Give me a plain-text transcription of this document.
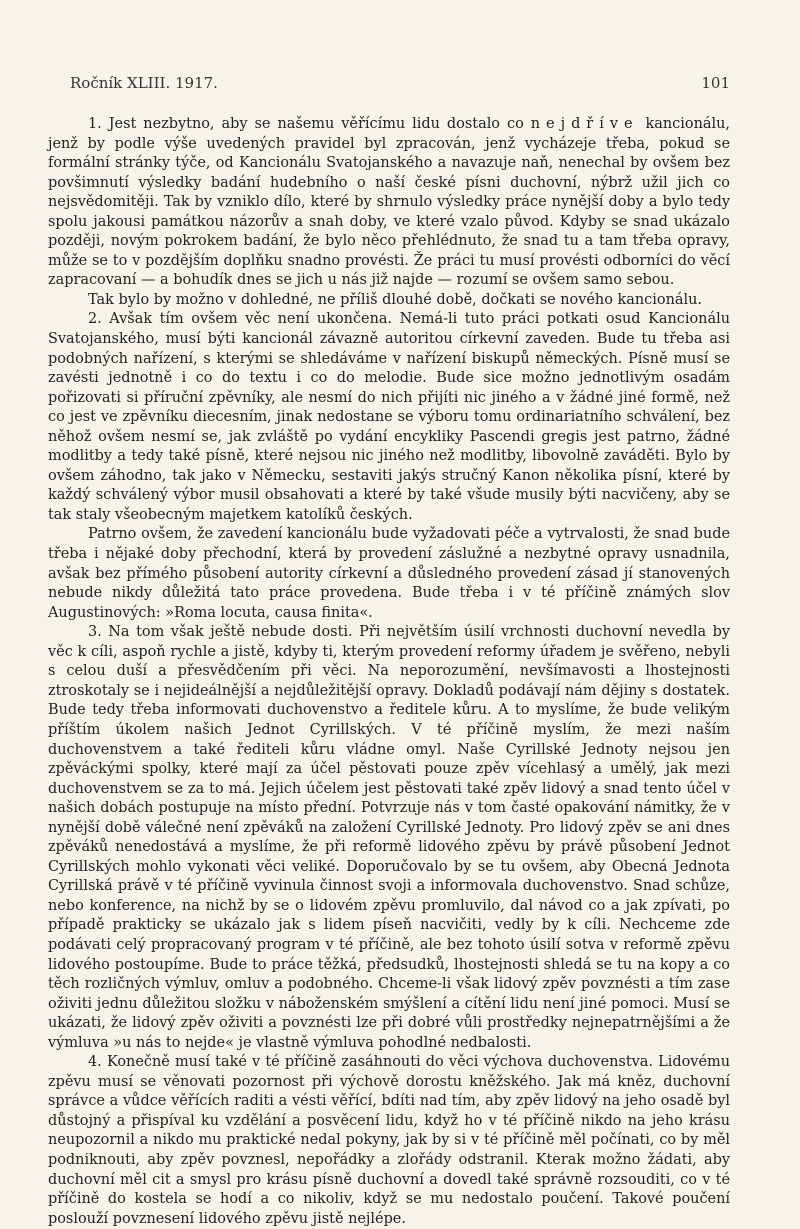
Ročník XLIII. 1917.	101

1. Jest nezbytno, aby se našemu věřícímu lidu dostalo co nejdříve kancionálu, jenž by podle výše uvedených pravidel byl zpracován, jenž vycházeje třeba, pokud se formální stránky týče, od Kancionálu Svatojanského a navazuje naň, nenechal by ovšem bez povšimnutí výsledky badání hudebního o naší české písni duchovní, nýbrž užil jich co nejsvědomitěji. Tak by vzniklo dílo, které by shrnulo výsledky práce nynější doby a bylo tedy spolu jakousi památkou názorův a snah doby, ve které vzalo původ. Kdyby se snad ukázalo později, novým pokrokem badání, že bylo něco přehlédnuto, že snad tu a tam třeba opravy, může se to v pozdějším doplňku snadno provésti. Že práci tu musí provésti odborníci do věcí zapracovaní — a bohudík dnes se jich u nás již najde — rozumí se ovšem samo sebou.

Tak bylo by možno v dohledné, ne příliš dlouhé době, dočkati se nového kancionálu.

2. Avšak tím ovšem věc není ukončena. Nemá-li tuto práci potkati osud Kancionálu Svatojanského, musí býti kancionál závazně autoritou církevní zaveden. Bude tu třeba asi podobných nařízení, s kterými se shledáváme v nařízení biskupů německých. Písně musí se zavésti jednotně i co do textu i co do melodie. Bude sice možno jednotlivým osadám pořizovati si příruční zpěvníky, ale nesmí do nich přijíti nic jiného a v žádné jiné formě, než co jest ve zpěvníku diecesním, jinak nedostane se výboru tomu ordinariatního schválení, bez něhož ovšem nesmí se, jak zvláště po vydání encykliky Pascendi gregis jest patrno, žádné modlitby a tedy také písně, které nejsou nic jiného než modlitby, libovolně zaváděti. Bylo by ovšem záhodno, tak jako v Německu, sestaviti jakýs stručný Kanon několika písní, které by každý schválený výbor musil obsahovati a které by také všude musily býti nacvičeny, aby se tak staly všeobecným majetkem katolíků českých.

Patrno ovšem, že zavedení kancionálu bude vyžadovati péče a vytrvalosti, že snad bude třeba i nějaké doby přechodní, která by provedení záslužné a nezbytné opravy usnadnila, avšak bez přímého působení autority církevní a důsledného provedení zásad jí stanovených nebude nikdy důležitá tato práce provedena. Bude třeba i v té příčině známých slov Augustinových: »Roma locuta, causa finita«.

3. Na tom však ještě nebude dosti. Při největším úsilí vrchnosti duchovní nevedla by věc k cíli, aspoň rychle a jistě, kdyby ti, kterým provedení reformy úřadem je svěřeno, nebyli s celou duší a přesvědčením při věci. Na neporozumění, nevšímavosti a lhostejnosti ztroskotaly se i nejideálnější a nejdůležitější opravy. Dokladů podávají nám dějiny s dostatek. Bude tedy třeba informovati duchovenstvo a ředitele kůru. A to myslíme, že bude velikým příštím úkolem našich Jednot Cyrillských. V té příčině myslím, že mezi naším duchovenstvem a také řediteli kůru vládne omyl. Naše Cyrillské Jednoty nejsou jen zpěváckými spolky, které mají za účel pěstovati pouze zpěv vícehlasý a umělý, jak mezi duchovenstvem se za to má. Jejich účelem jest pěstovati také zpěv lidový a snad tento účel v našich dobách postupuje na místo přední. Potvrzuje nás v tom časté opakování námitky, že v nynější době válečné není zpěváků na založení Cyrillské Jednoty. Pro lidový zpěv se ani dnes zpěváků nenedostává a myslíme, že při reformě lidového zpěvu by právě působení Jednot Cyrillských mohlo vykonati věci veliké. Doporučovalo by se tu ovšem, aby Obecná Jednota Cyrillská právě v té příčině vyvinula činnost svoji a informovala duchovenstvo. Snad schůze, nebo konference, na nichž by se o lidovém zpěvu promluvilo, dal návod co a jak zpívati, po případě prakticky se ukázalo jak s lidem píseň nacvičiti, vedly by k cíli. Nechceme zde podávati celý propracovaný program v té příčině, ale bez tohoto úsilí sotva v reformě zpěvu lidového postoupíme. Bude to práce těžká, předsudků, lhostejnosti shledá se tu na kopy a co těch rozličných výmluv, omluv a podobného. Chceme-li však lidový zpěv povznésti a tím zase oživiti jednu důležitou složku v náboženském smýšlení a cítění lidu není jiné pomoci. Musí se ukázati, že lidový zpěv oživiti a povznésti lze při dobré vůli prostředky nejnepatrnějšími a že výmluva »u nás to nejde« je vlastně výmluva pohodlné nedbalosti.

4. Konečně musí také v té příčině zasáhnouti do věci výchova duchovenstva. Lidovému zpěvu musí se věnovati pozornost při výchově dorostu kněžského. Jak má kněz, duchovní správce a vůdce věřících raditi a vésti věřící, bdíti nad tím, aby zpěv lidový na jeho osadě byl důstojný a přispíval ku vzdělání a posvěcení lidu, když ho v té příčině nikdo na jeho krásu neupozornil a nikdo mu praktické nedal pokyny, jak by si v té příčině měl počínati, co by měl podniknouti, aby zpěv povznesl, nepořádky a zlořády odstranil. Kterak možno žádati, aby duchovní měl cit a smysl pro krásu písně duchovní a dovedl také správně rozsouditi, co v té příčině do kostela se hodí a co nikoliv, když se mu nedostalo poučení. Takové poučení poslouží povznesení lidového zpěvu jistě nejlépe.
